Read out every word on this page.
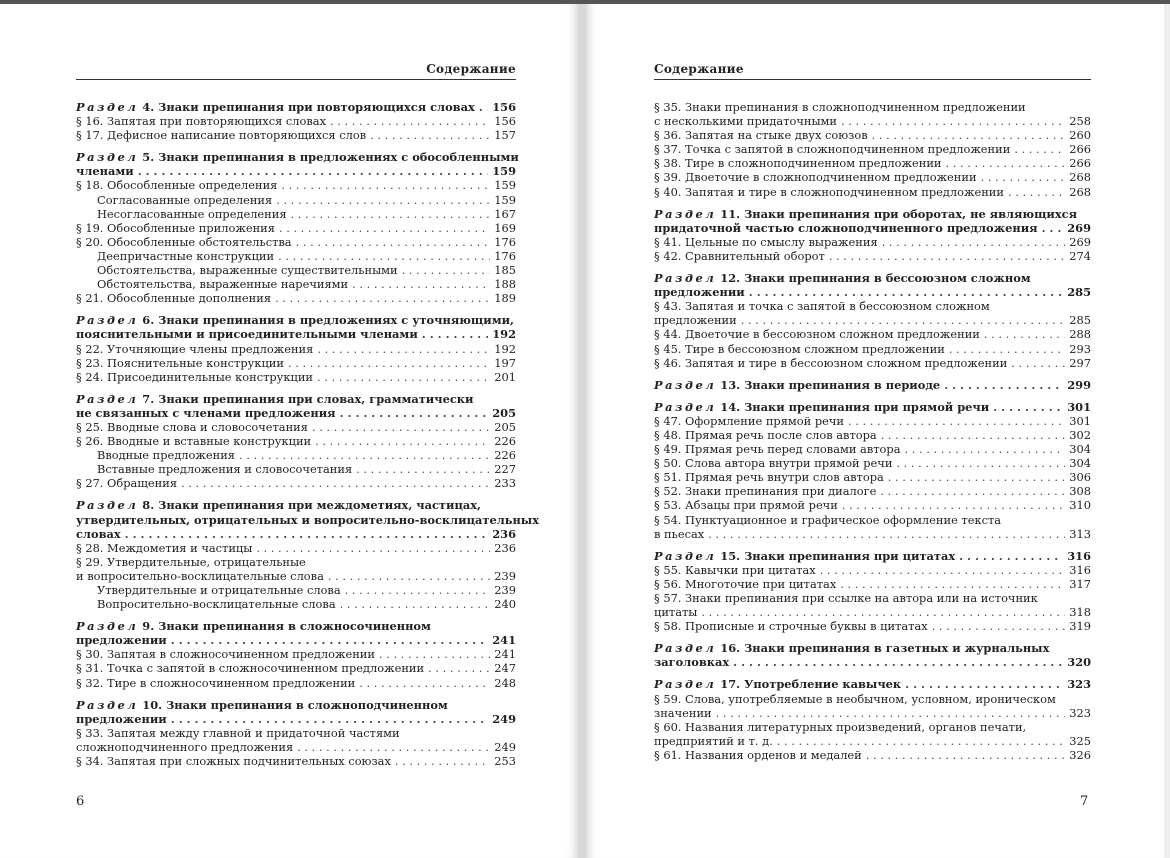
Содержание
Раздел 4. Знаки препинания при повторяющихся словах . . . 156
§ 16. Запятая при повторяющихся словах . . .	156
§ 17. Дефисное написание повторяющихся слов . . .	157
Раздел 5. Знаки препинания в предложениях с обособленными
членами . . .	159
§ 18. Обособленные определения . . .	159
Согласованные определения . . .	159
Несогласованные определения . . .	167
§ 19. Обособленные приложения . . .	169
§ 20. Обособленные обстоятельства . . .	176
Деепричастные конструкции . . .	176
Обстоятельства, выраженные существительными . . .	185
Обстоятельства, выраженные наречиями . . .	188
§ 21. Обособленные дополнения . . .	189
Раздел 6. Знаки препинания в предложениях с уточняющими,
пояснительными и присоединительными членами . . .	192
§ 22. Уточняющие члены предложения . . .	192
§ 23. Пояснительные конструкции . . .	197
§ 24. Присоединительные конструкции . . .	201
Раздел 7. Знаки препинания при словах, грамматически
не связанных с членами предложения . . .	205
§ 25. Вводные слова и словосочетания . . .	205
§ 26. Вводные и вставные конструкции . . .	226
Вводные предложения . . .	226
Вставные предложения и словосочетания . . .	227
§ 27. Обращения . . .	233
Раздел 8. Знаки препинания при междометиях, частицах,
утвердительных, отрицательных и вопросительно-восклицательных
словах . . .	236
§ 28. Междометия и частицы . . .	236
§ 29. Утвердительные, отрицательные
и вопросительно-восклицательные слова . . .	239
Утвердительные и отрицательные слова . . .	239
Вопросительно-восклицательные слова . . .	240
Раздел 9. Знаки препинания в сложносочиненном
предложении . . .	241
§ 30. Запятая в сложносочиненном предложении . . .	241
§ 31. Точка с запятой в сложносочиненном предложении . . .	247
§ 32. Тире в сложносочиненном предложении . . .	248
Раздел 10. Знаки препинания в сложноподчиненном
предложении . . .	249
§ 33. Запятая между главной и придаточной частями
сложноподчиненного предложения . . .	249
§ 34. Запятая при сложных подчинительных союзах . . .	253
6
Содержание
§ 35. Знаки препинания в сложноподчиненном предложении
с несколькими придаточными . . .	258
§ 36. Запятая на стыке двух союзов . . .	260
§ 37. Точка с запятой в сложноподчиненном предложении . . .	266
§ 38. Тире в сложноподчиненном предложении . . .	266
§ 39. Двоеточие в сложноподчиненном предложении . . .	268
§ 40. Запятая и тире в сложноподчиненном предложении . . .	268
Раздел 11. Знаки препинания при оборотах, не являющихся
придаточной частью сложноподчиненного предложения . . .	269
§ 41. Цельные по смыслу выражения . . .	269
§ 42. Сравнительный оборот . . .	274
Раздел 12. Знаки препинания в бессоюзном сложном
предложении . . .	285
§ 43. Запятая и точка с запятой в бессоюзном сложном
предложении . . .	285
§ 44. Двоеточие в бессоюзном сложном предложении . . .	288
§ 45. Тире в бессоюзном сложном предложении . . .	293
§ 46. Запятая и тире в бессоюзном сложном предложении . . .	297
Раздел 13. Знаки препинания в периоде . . .	299
Раздел 14. Знаки препинания при прямой речи . . .	301
§ 47. Оформление прямой речи . . .	301
§ 48. Прямая речь после слов автора . . .	302
§ 49. Прямая речь перед словами автора . . .	304
§ 50. Слова автора внутри прямой речи . . .	304
§ 51. Прямая речь внутри слов автора . . .	306
§ 52. Знаки препинания при диалоге . . .	308
§ 53. Абзацы при прямой речи . . .	310
§ 54. Пунктуационное и графическое оформление текста
в пьесах . . .	313
Раздел 15. Знаки препинания при цитатах . . .	316
§ 55. Кавычки при цитатах . . .	316
§ 56. Многоточие при цитатах . . .	317
§ 57. Знаки препинания при ссылке на автора или на источник
цитаты . . .	318
§ 58. Прописные и строчные буквы в цитатах . . .	319
Раздел 16. Знаки препинания в газетных и журнальных
заголовках . . .	320
Раздел 17. Употребление кавычек . . .	323
§ 59. Слова, употребляемые в необычном, условном, ироническом
значении . . .	323
§ 60. Названия литературных произведений, органов печати,
предприятий и т. д. . . .	325
§ 61. Названия орденов и медалей . . .	326
7
